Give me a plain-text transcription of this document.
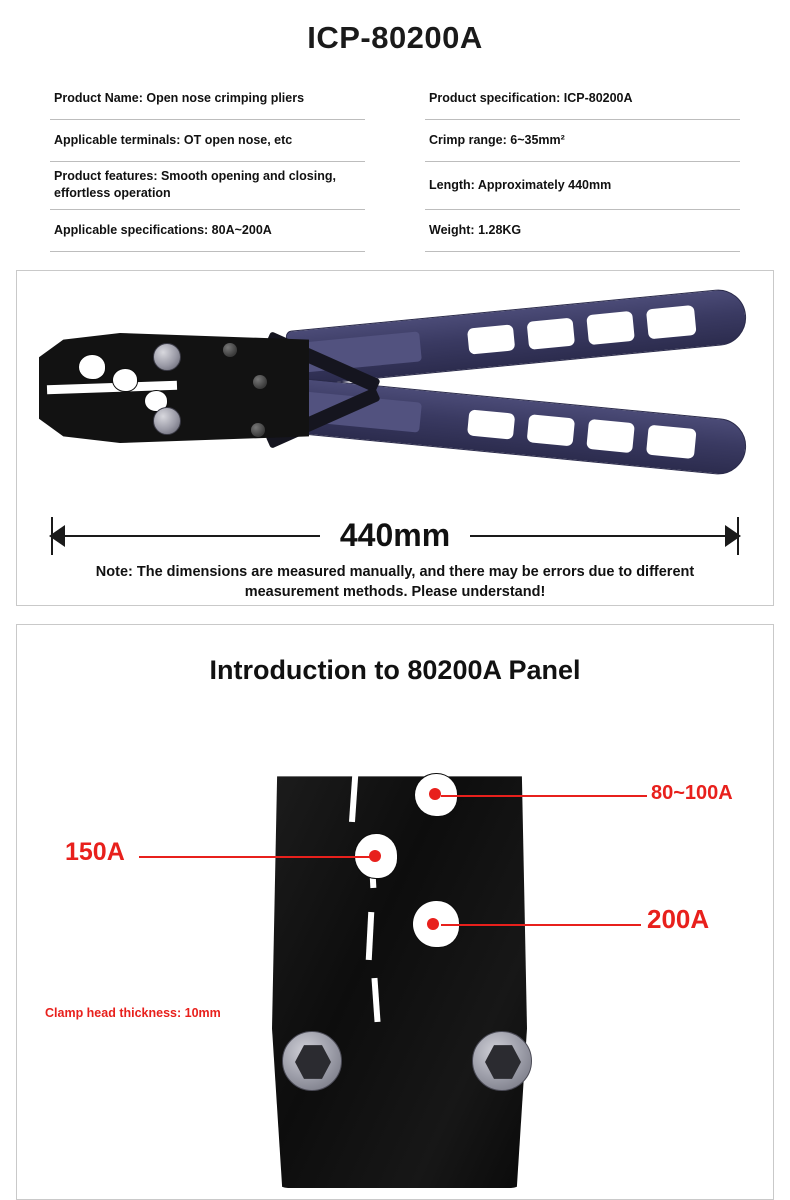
ICP-80200A
Product Name: Open nose crimping pliers
Applicable terminals: OT open nose, etc
Product features: Smooth opening and closing, effortless operation
Applicable specifications: 80A~200A
Product specification: ICP-80200A
Crimp range: 6~35mm²
Length: Approximately 440mm
Weight: 1.28KG
440mm
Note: The dimensions are measured manually, and there may be errors due to different measurement methods. Please understand!
Introduction to 80200A Panel
80~100A
150A
200A
Clamp head thickness: 10mm
